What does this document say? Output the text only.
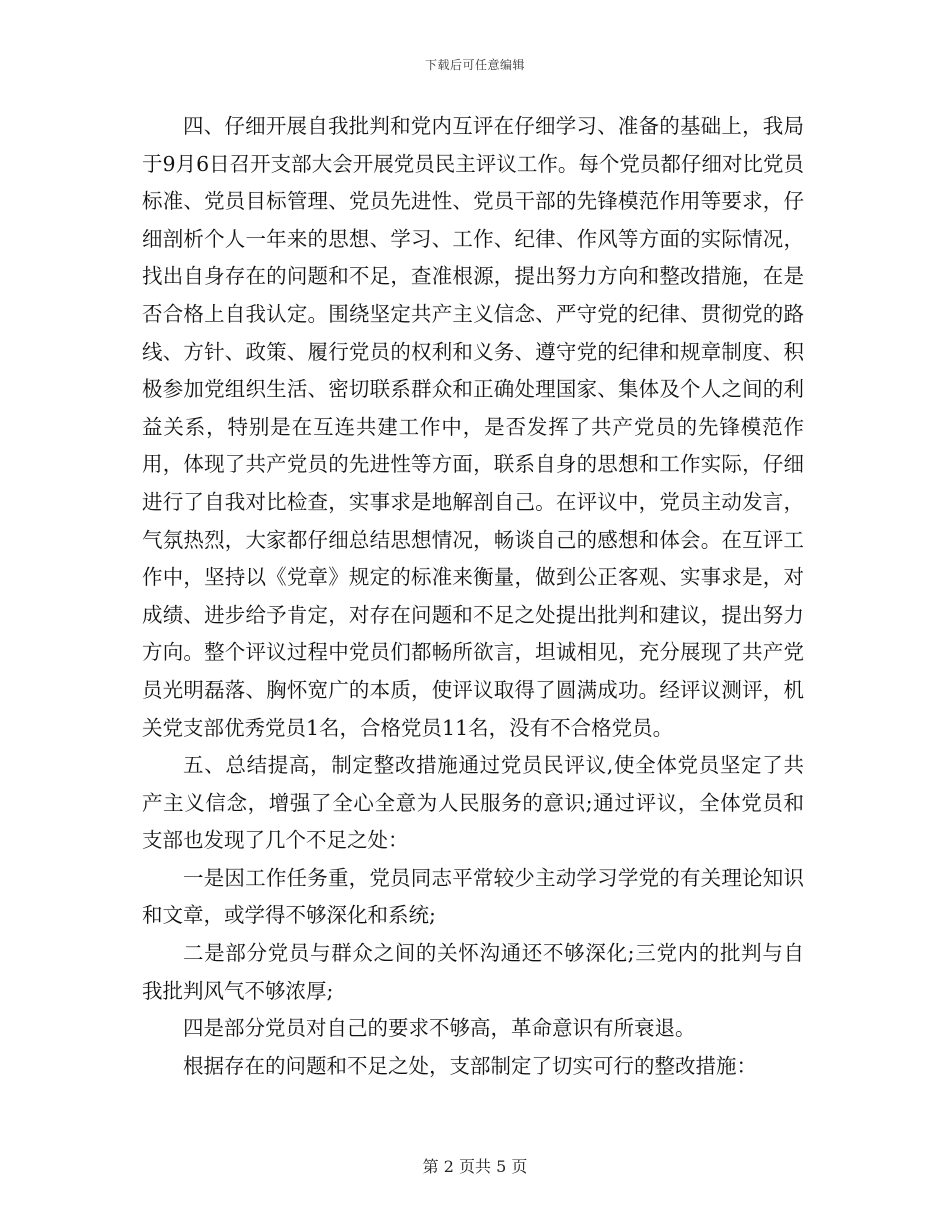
下载后可任意编辑

四、仔细开展自我批判和党内互评在仔细学习、准备的基础上，我局于9月6日召开支部大会开展党员民主评议工作。每个党员都仔细对比党员标准、党员目标管理、党员先进性、党员干部的先锋模范作用等要求，仔细剖析个人一年来的思想、学习、工作、纪律、作风等方面的实际情况，找出自身存在的问题和不足，查准根源，提出努力方向和整改措施，在是否合格上自我认定。围绕坚定共产主义信念、严守党的纪律、贯彻党的路线、方针、政策、履行党员的权利和义务、遵守党的纪律和规章制度、积极参加党组织生活、密切联系群众和正确处理国家、集体及个人之间的利益关系，特别是在互连共建工作中，是否发挥了共产党员的先锋模范作用，体现了共产党员的先进性等方面，联系自身的思想和工作实际，仔细进行了自我对比检查，实事求是地解剖自己。在评议中，党员主动发言，气氛热烈，大家都仔细总结思想情况，畅谈自己的感想和体会。在互评工作中，坚持以《党章》规定的标准来衡量，做到公正客观、实事求是，对成绩、进步给予肯定，对存在问题和不足之处提出批判和建议，提出努力方向。整个评议过程中党员们都畅所欲言，坦诚相见，充分展现了共产党员光明磊落、胸怀宽广的本质，使评议取得了圆满成功。经评议测评，机关党支部优秀党员1名，合格党员11名，没有不合格党员。

五、总结提高，制定整改措施通过党员民评议,使全体党员坚定了共产主义信念，增强了全心全意为人民服务的意识;通过评议，全体党员和支部也发现了几个不足之处：

一是因工作任务重，党员同志平常较少主动学习学党的有关理论知识和文章，或学得不够深化和系统;

二是部分党员与群众之间的关怀沟通还不够深化;三党内的批判与自我批判风气不够浓厚;

四是部分党员对自己的要求不够高，革命意识有所衰退。

根据存在的问题和不足之处，支部制定了切实可行的整改措施：

第 2 页共 5 页
